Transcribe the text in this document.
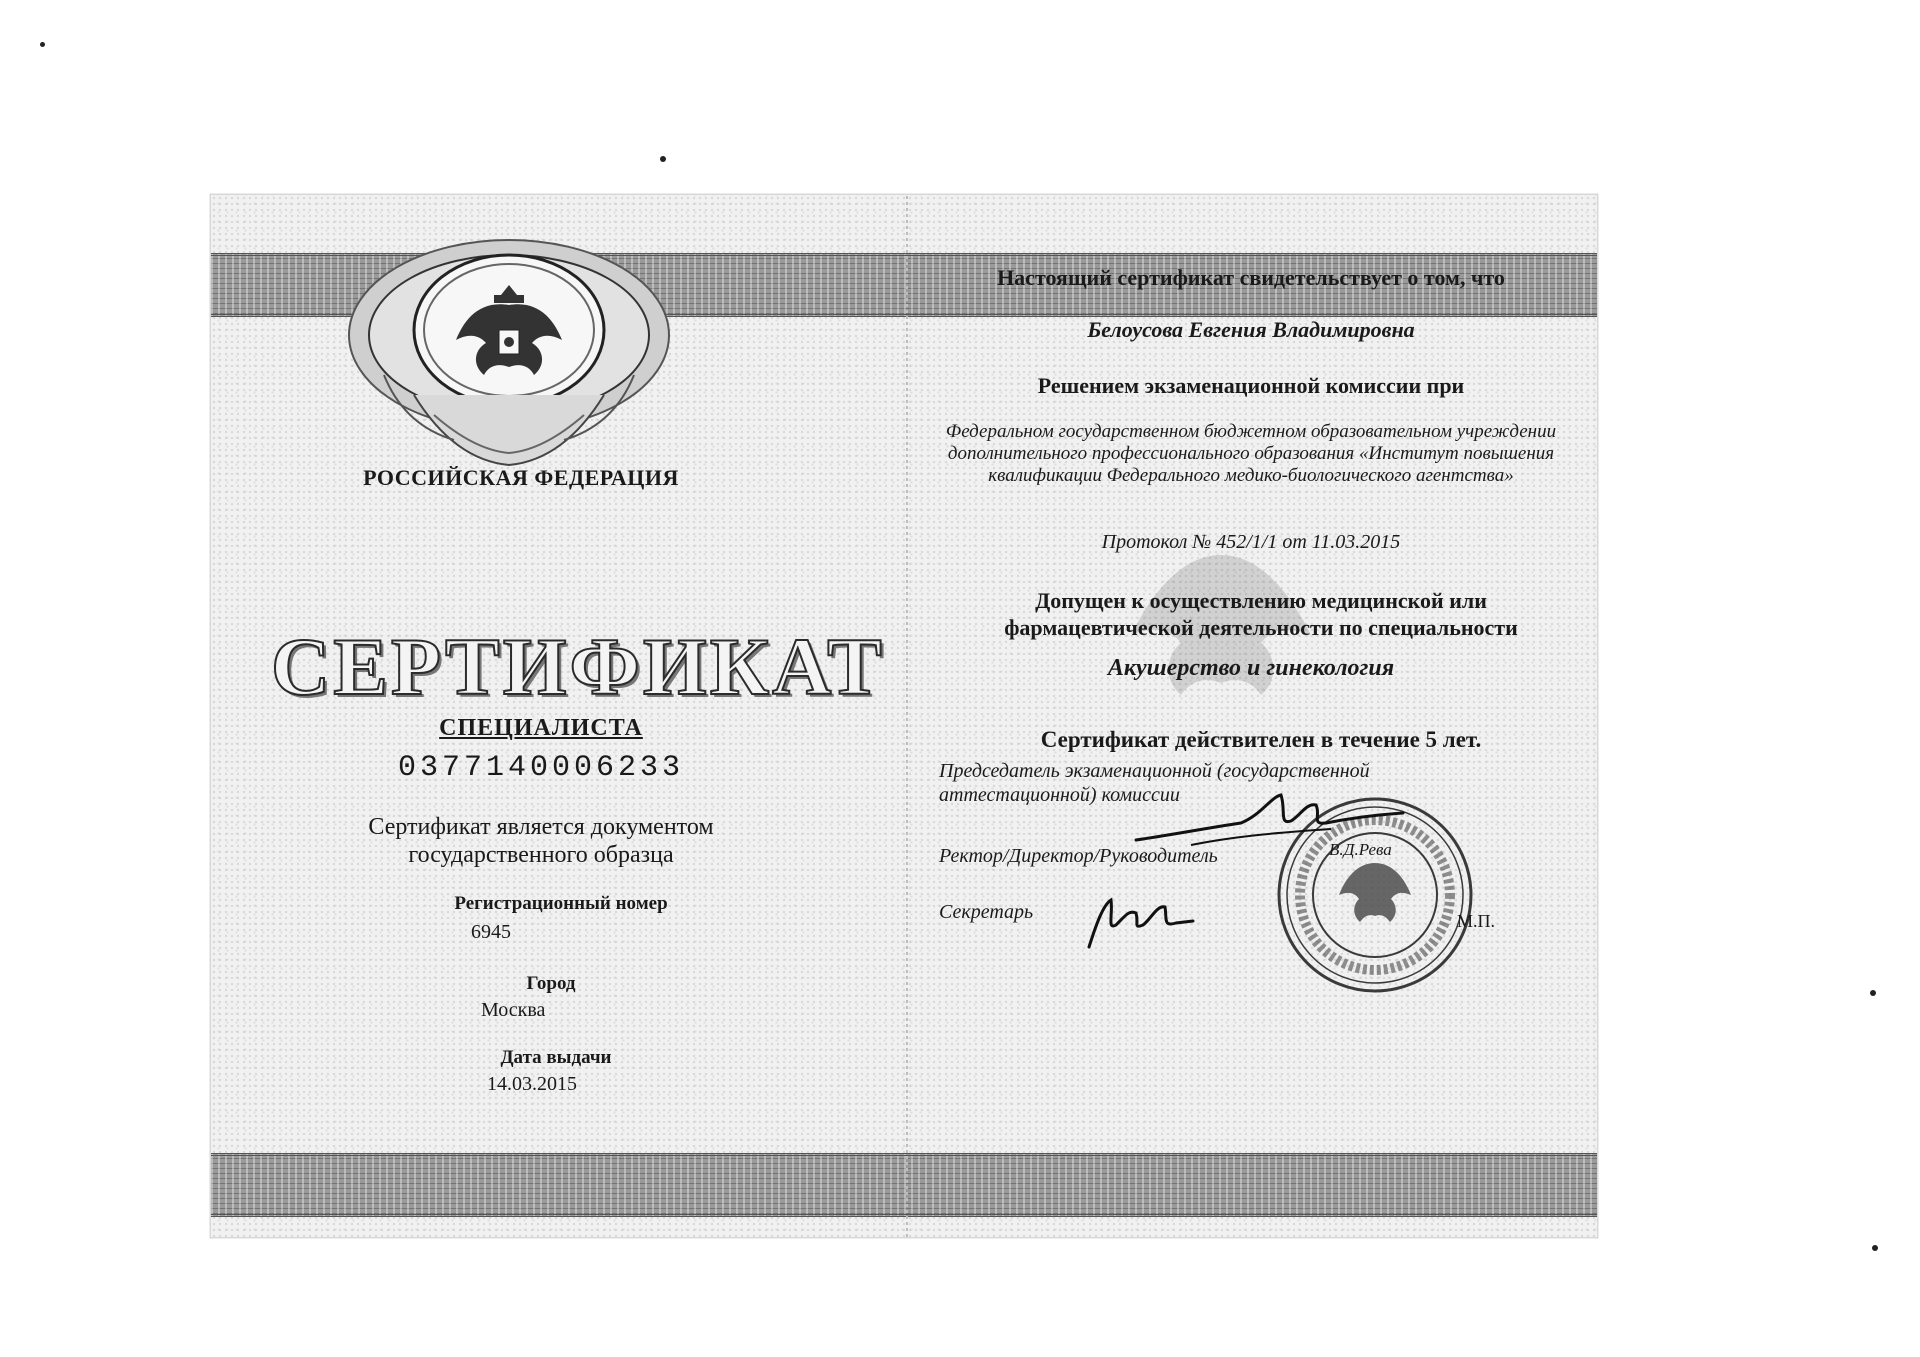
РОССИЙСКАЯ ФЕДЕРАЦИЯ
СЕРТИФИКАТ
СПЕЦИАЛИСТА
0377140006233
Сертификат является документом государственного образца
Регистрационный номер
6945
Город
Москва
Дата выдачи
14.03.2015
Настоящий сертификат свидетельствует о том, что
Белоусова Евгения Владимировна
Решением экзаменационной комиссии при
Федеральном государственном бюджетном образовательном учреждении дополнительного профессионального образования «Институт повышения квалификации Федерального медико-биологического агентства»
Протокол № 452/1/1 от 11.03.2015
Допущен к осуществлению медицинской или фармацевтической деятельности по специальности
Акушерство и гинекология
Сертификат действителен в течение 5 лет.
Председатель экзаменационной (государственной аттестационной) комиссии
Ректор/Директор/Руководитель	В.Д.Рева
Секретарь	М.П.
